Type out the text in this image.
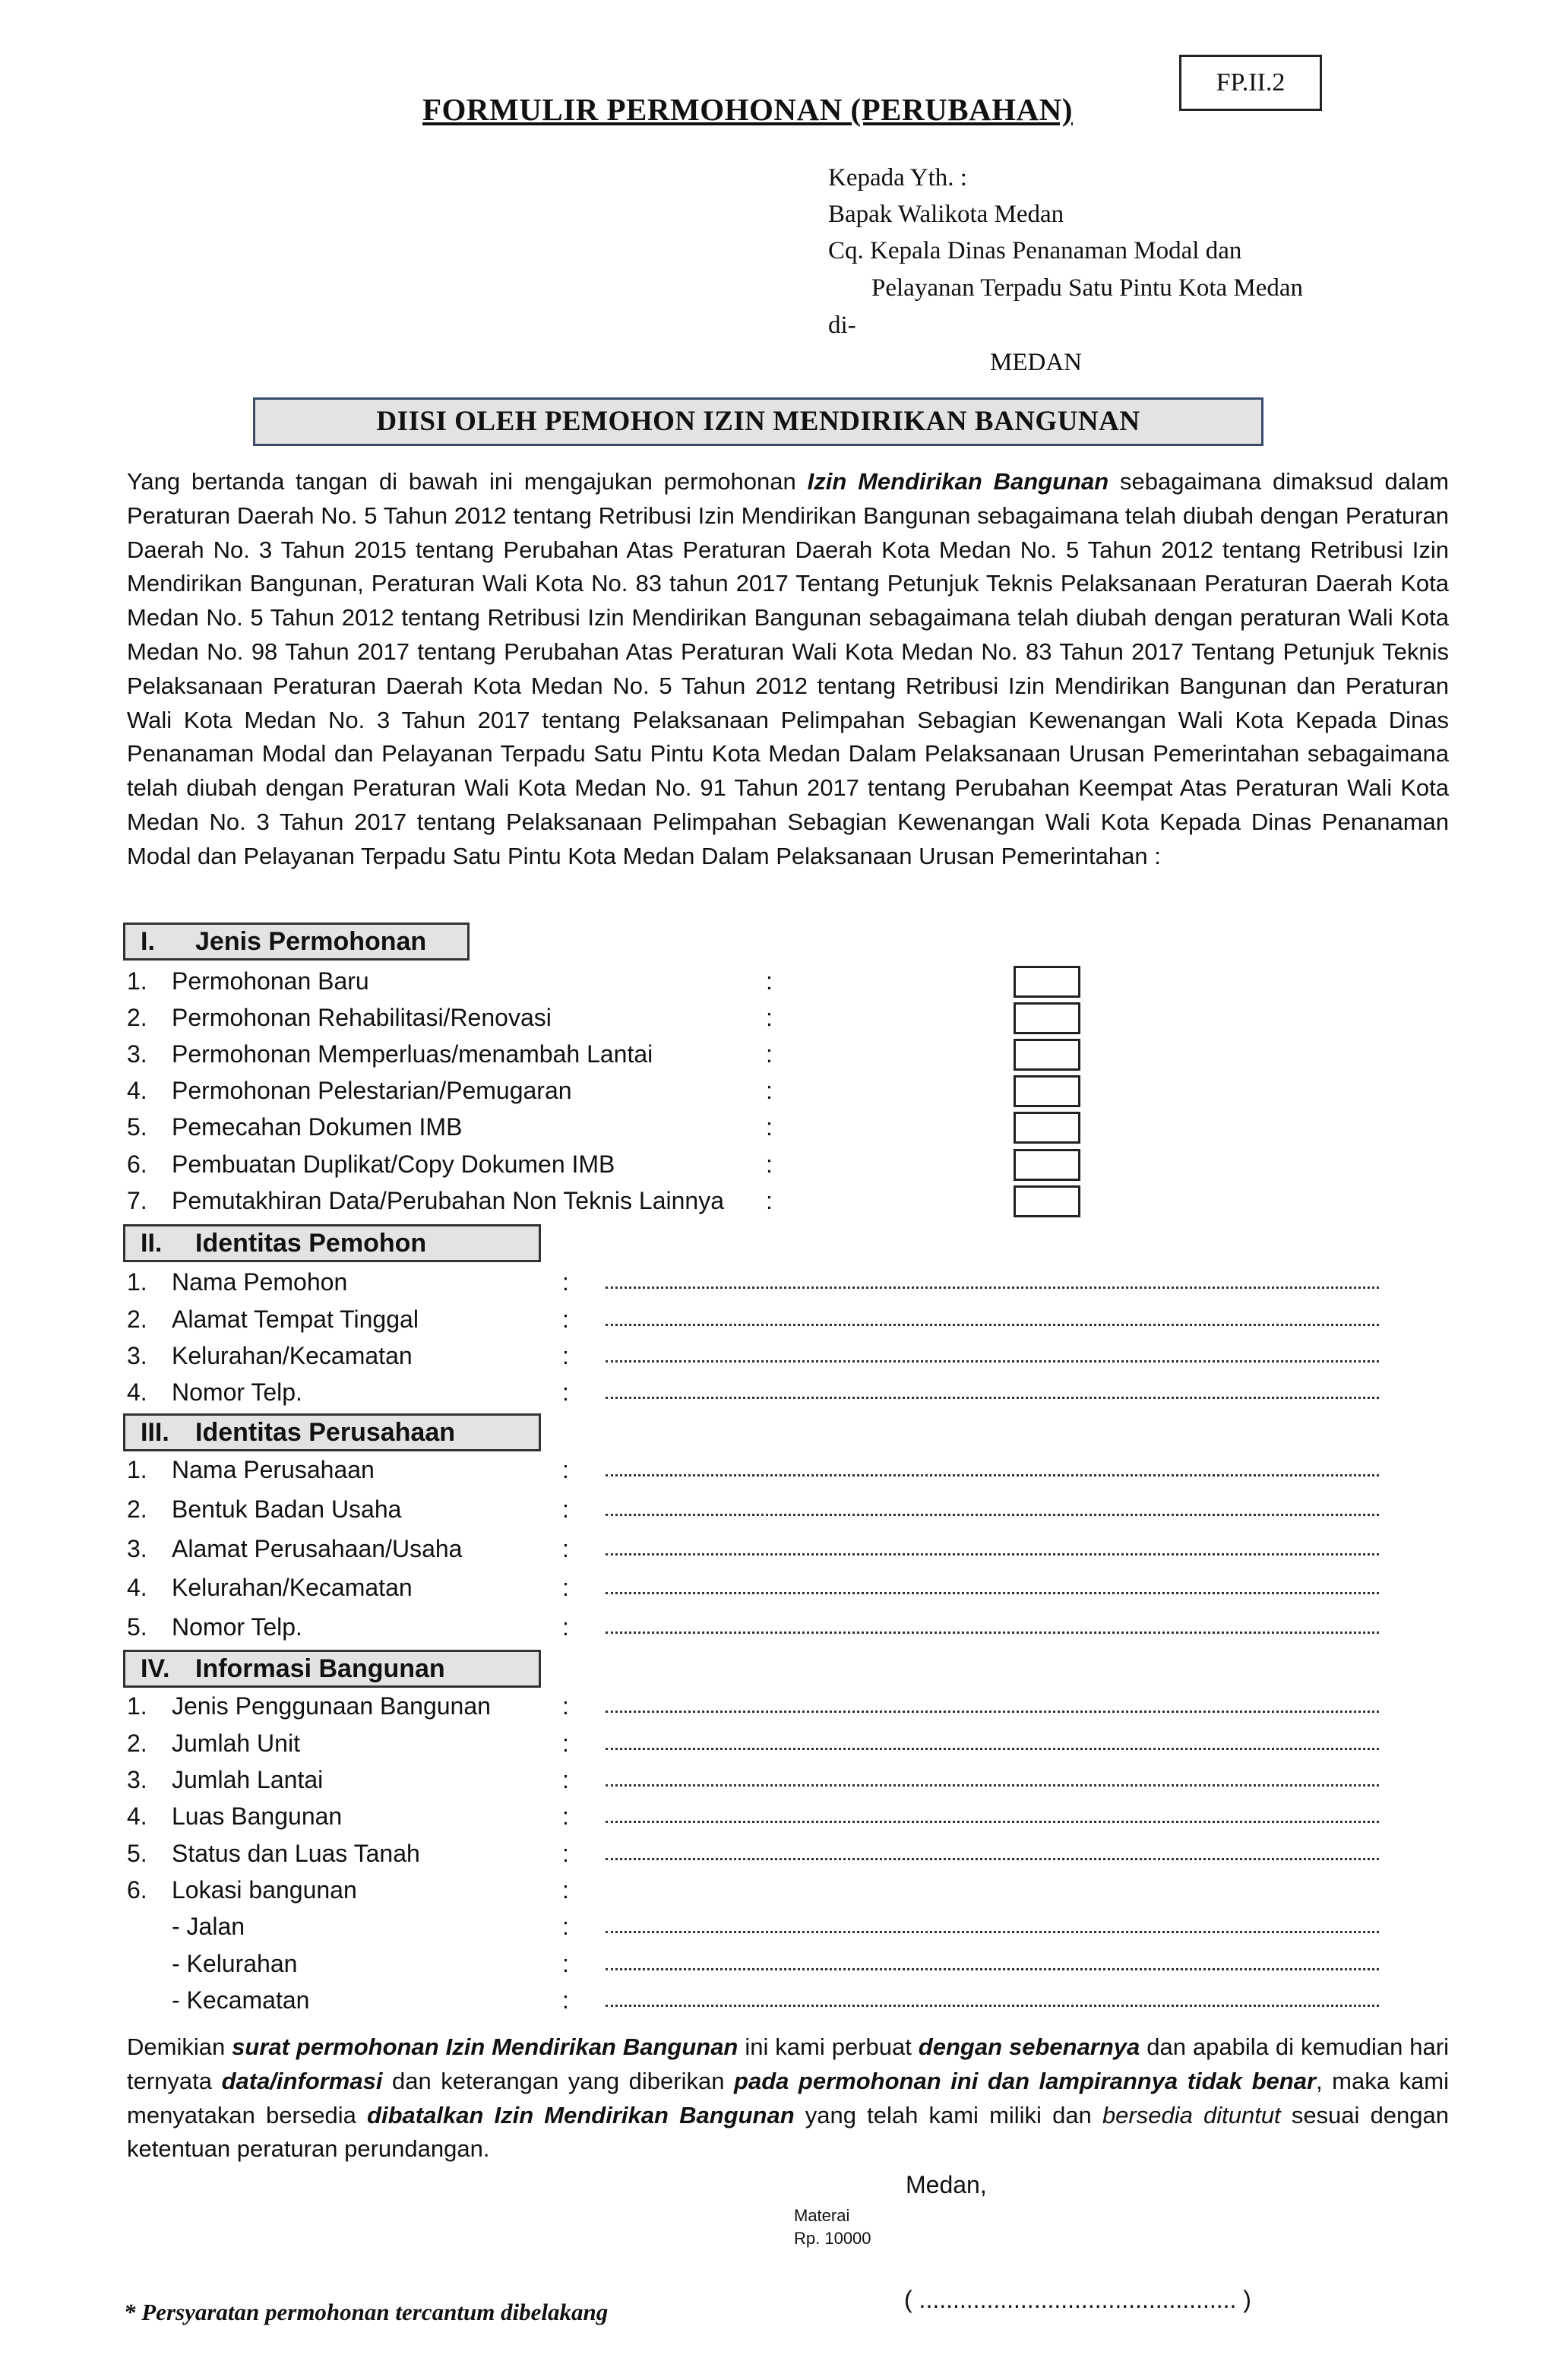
FP.II.2
FORMULIR PERMOHONAN (PERUBAHAN)
Kepada Yth. :
Bapak Walikota Medan
Cq. Kepala Dinas Penanaman Modal dan
Pelayanan Terpadu Satu Pintu Kota Medan
di-
MEDAN
DIISI OLEH PEMOHON IZIN MENDIRIKAN BANGUNAN

Yang bertanda tangan di bawah ini mengajukan permohonan Izin Mendirikan Bangunan sebagaimana dimaksud dalam Peraturan Daerah No. 5 Tahun 2012 tentang Retribusi Izin Mendirikan Bangunan sebagaimana telah diubah dengan Peraturan Daerah No. 3 Tahun 2015 tentang Perubahan Atas Peraturan Daerah Kota Medan No. 5 Tahun 2012 tentang Retribusi Izin Mendirikan Bangunan, Peraturan Wali Kota No. 83 tahun 2017 Tentang Petunjuk Teknis Pelaksanaan Peraturan Daerah Kota Medan No. 5 Tahun 2012 tentang Retribusi Izin Mendirikan Bangunan sebagaimana telah diubah dengan peraturan Wali Kota Medan No. 98 Tahun 2017 tentang Perubahan Atas Peraturan Wali Kota Medan No. 83 Tahun 2017 Tentang Petunjuk Teknis Pelaksanaan Peraturan Daerah Kota Medan No. 5 Tahun 2012 tentang Retribusi Izin Mendirikan Bangunan dan Peraturan Wali Kota Medan No. 3 Tahun 2017 tentang Pelaksanaan Pelimpahan Sebagian Kewenangan Wali Kota Kepada Dinas Penanaman Modal dan Pelayanan Terpadu Satu Pintu Kota Medan Dalam Pelaksanaan Urusan Pemerintahan sebagaimana telah diubah dengan Peraturan Wali Kota Medan No. 91 Tahun 2017 tentang Perubahan Keempat Atas Peraturan Wali Kota Medan No. 3 Tahun 2017 tentang Pelaksanaan Pelimpahan Sebagian Kewenangan Wali Kota Kepada Dinas Penanaman Modal dan Pelayanan Terpadu Satu Pintu Kota Medan Dalam Pelaksanaan Urusan Pemerintahan :

I. Jenis Permohonan
1. Permohonan Baru	:
2. Permohonan Rehabilitasi/Renovasi	:
3. Permohonan Memperluas/menambah Lantai	:
4. Permohonan Pelestarian/Pemugaran	:
5. Pemecahan Dokumen IMB	:
6. Pembuatan Duplikat/Copy Dokumen IMB	:
7. Pemutakhiran Data/Perubahan Non Teknis Lainnya :
II. Identitas Pemohon
1. Nama Pemohon	:
2. Alamat Tempat Tinggal	:
3. Kelurahan/Kecamatan	:
4. Nomor Telp.	:
III. Identitas Perusahaan
1. Nama Perusahaan	:
2. Bentuk Badan Usaha	:
3. Alamat Perusahaan/Usaha	:
4. Kelurahan/Kecamatan	:
5. Nomor Telp.	:
IV. Informasi Bangunan
1. Jenis Penggunaan Bangunan	:
2. Jumlah Unit	:
3. Jumlah Lantai	:
4. Luas Bangunan	:
5. Status dan Luas Tanah	:
6. Lokasi bangunan	:
- Jalan	:
- Kelurahan	:
- Kecamatan	:

Demikian surat permohonan Izin Mendirikan Bangunan ini kami perbuat dengan sebenarnya dan apabila di kemudian hari ternyata data/informasi dan keterangan yang diberikan pada permohonan ini dan lampirannya tidak benar, maka kami menyatakan bersedia dibatalkan Izin Mendirikan Bangunan yang telah kami miliki dan bersedia dituntut sesuai dengan ketentuan peraturan perundangan.

Medan,
Materai
Rp. 10000
( ............................................... )
* Persyaratan permohonan tercantum dibelakang
